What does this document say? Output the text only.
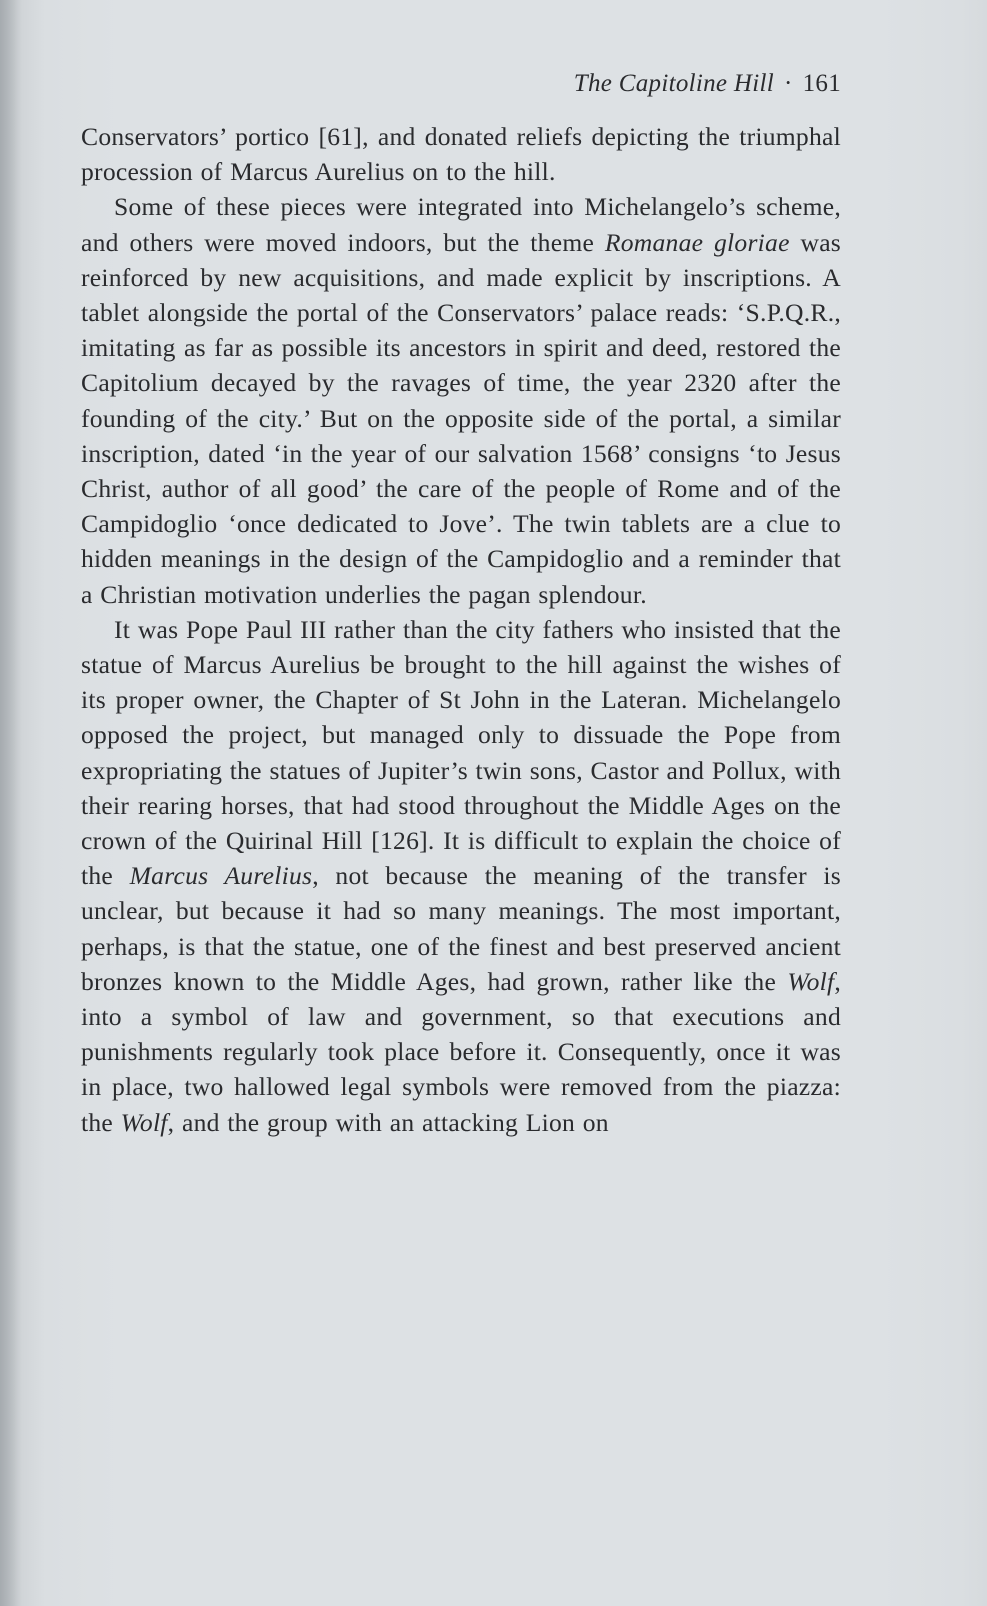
The Capitoline Hill · 161

Conservators’ portico [61], and donated reliefs depicting the triumphal procession of Marcus Aurelius on to the hill.

Some of these pieces were integrated into Michelangelo’s scheme, and others were moved indoors, but the theme Romanae gloriae was reinforced by new acquisitions, and made explicit by inscriptions. A tablet alongside the portal of the Conservators’ palace reads: ‘S.P.Q.R., imitating as far as possible its ancestors in spirit and deed, restored the Capitolium decayed by the ravages of time, the year 2320 after the founding of the city.’ But on the opposite side of the portal, a similar inscription, dated ‘in the year of our salvation 1568’ consigns ‘to Jesus Christ, author of all good’ the care of the people of Rome and of the Campidoglio ‘once dedicated to Jove’. The twin tablets are a clue to hidden meanings in the design of the Campidoglio and a reminder that a Christian motivation underlies the pagan splendour.

It was Pope Paul III rather than the city fathers who insisted that the statue of Marcus Aurelius be brought to the hill against the wishes of its proper owner, the Chapter of St John in the Lateran. Michelangelo opposed the project, but managed only to dissuade the Pope from expropriating the statues of Jupiter’s twin sons, Castor and Pollux, with their rearing horses, that had stood throughout the Middle Ages on the crown of the Quirinal Hill [126]. It is difficult to explain the choice of the Marcus Aurelius, not because the meaning of the transfer is unclear, but because it had so many meanings. The most important, perhaps, is that the statue, one of the finest and best preserved ancient bronzes known to the Middle Ages, had grown, rather like the Wolf, into a symbol of law and government, so that executions and punishments regularly took place before it. Consequently, once it was in place, two hallowed legal symbols were removed from the piazza: the Wolf, and the group with an attacking Lion on
